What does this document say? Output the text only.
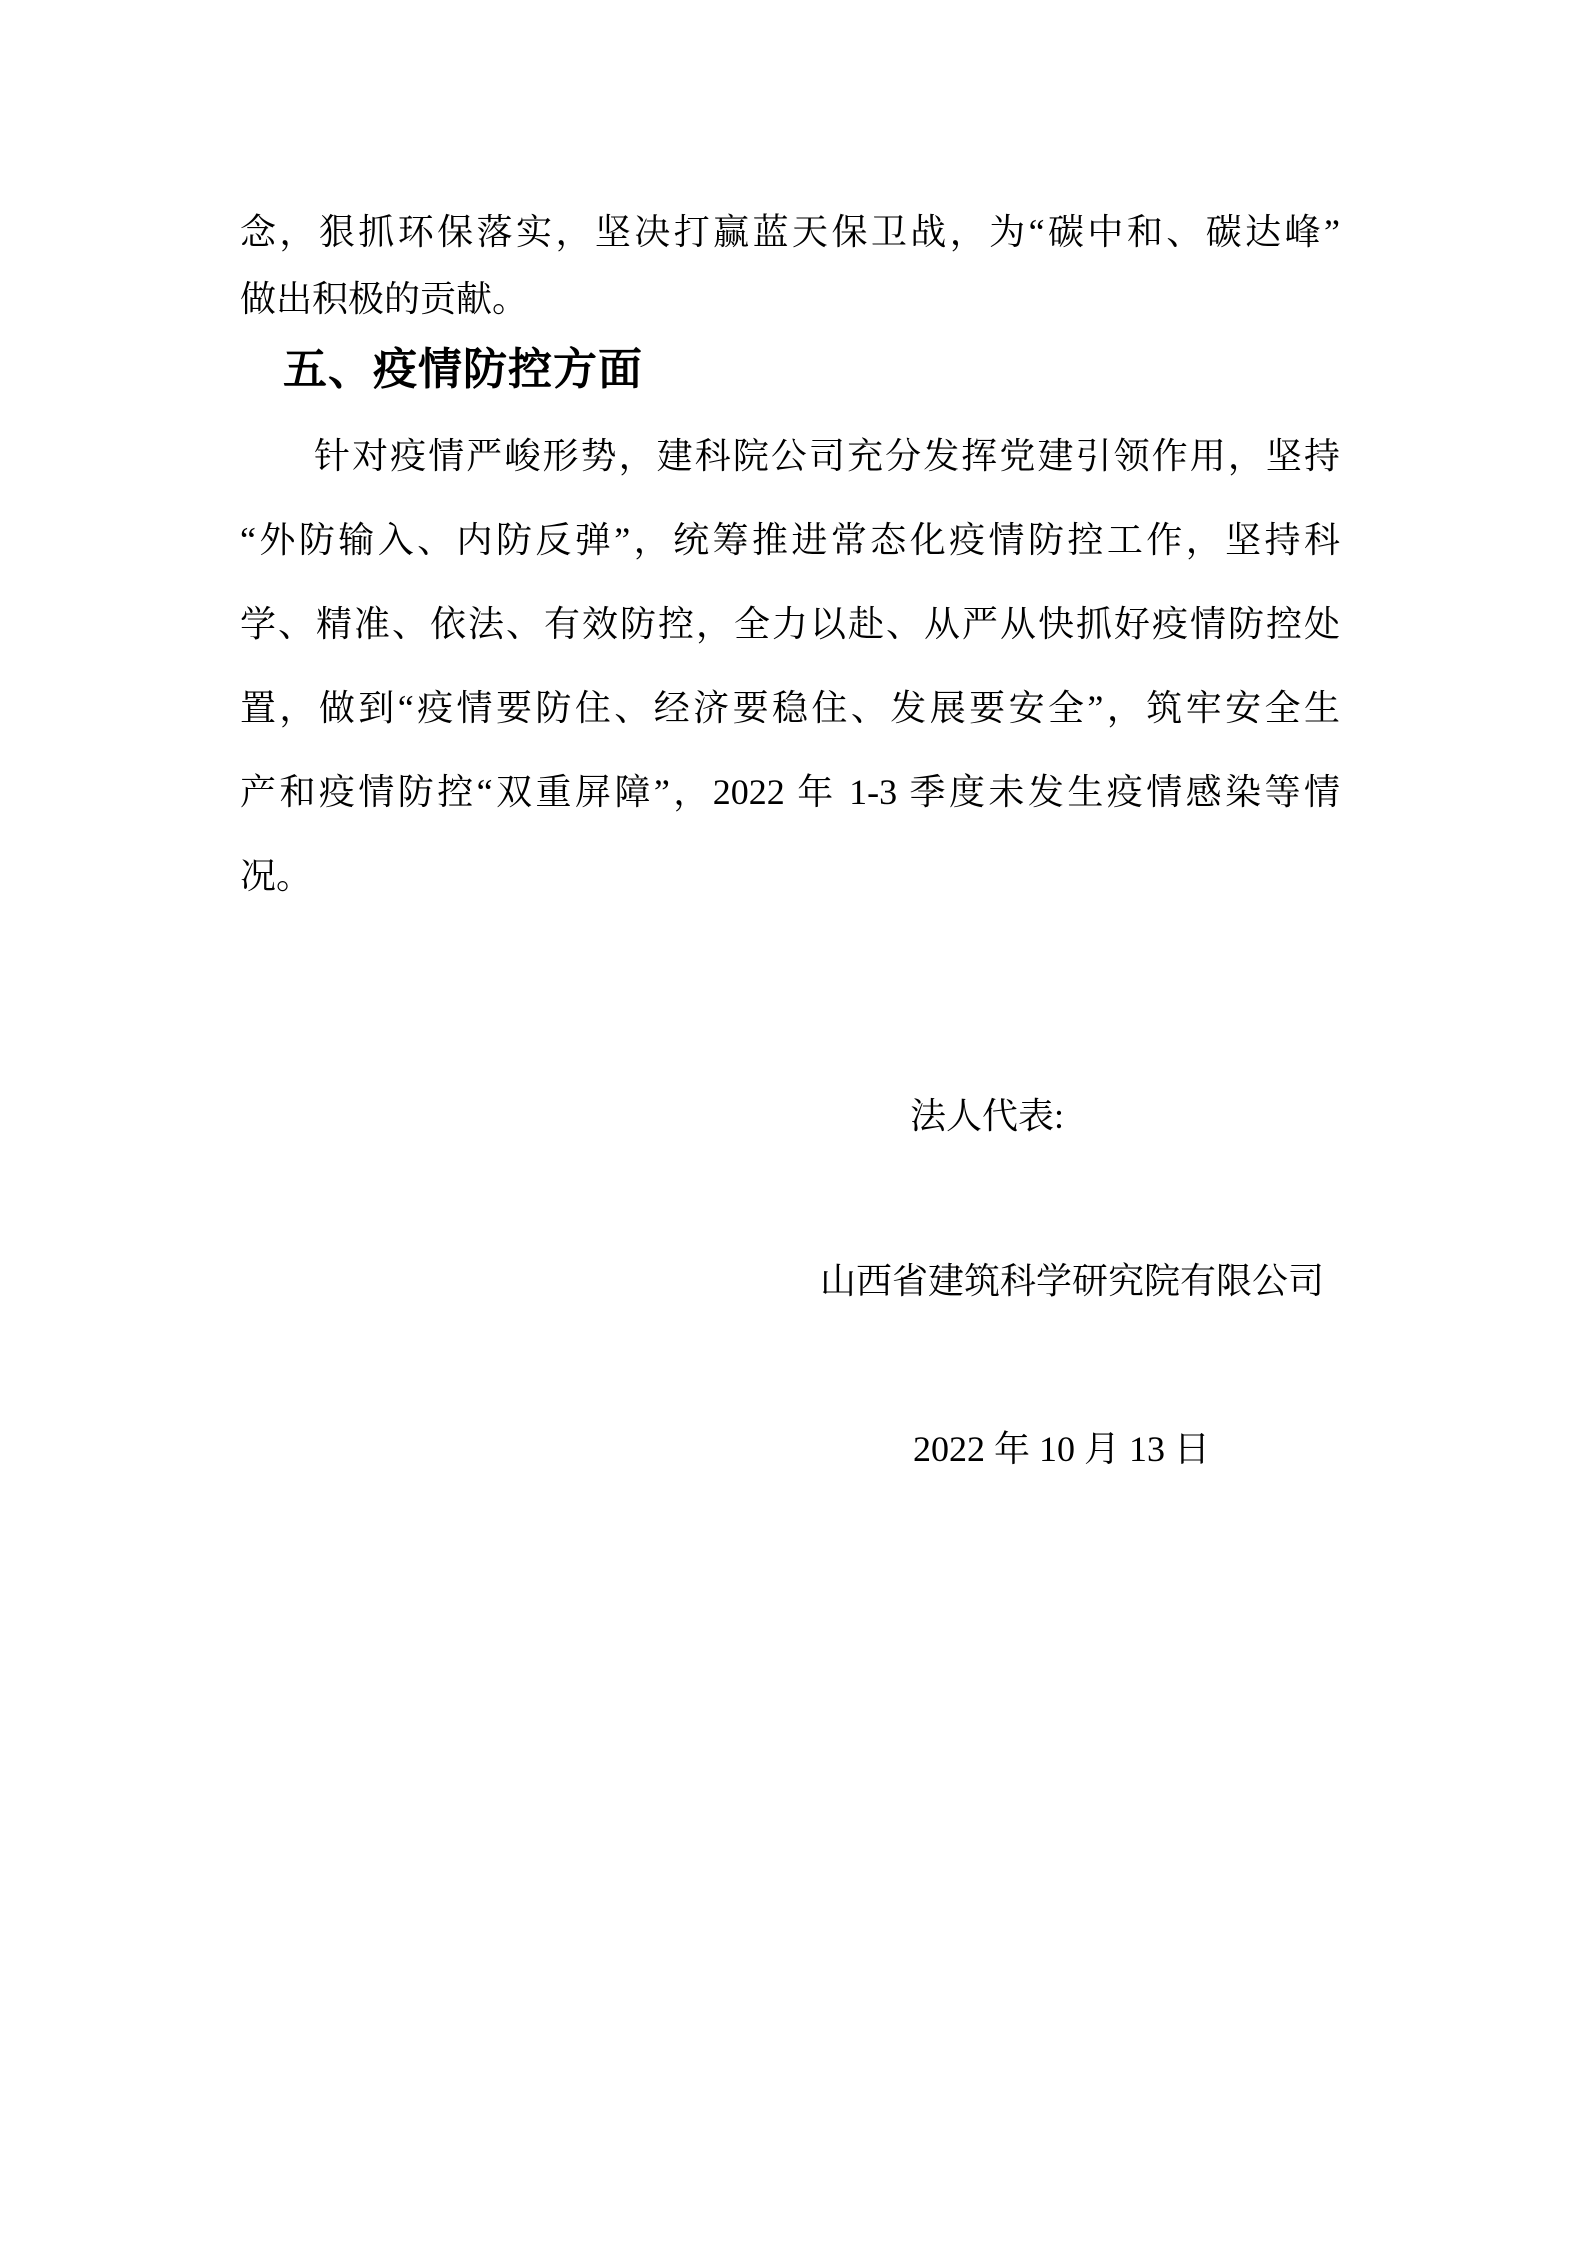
念，狠抓环保落实，坚决打赢蓝天保卫战，为“碳中和、碳达峰”
做出积极的贡献。
五、疫情防控方面
针对疫情严峻形势，建科院公司充分发挥党建引领作用，坚持
“外防输入、内防反弹”，统筹推进常态化疫情防控工作，坚持科
学、精准、依法、有效防控，全力以赴、从严从快抓好疫情防控处
置，做到“疫情要防住、经济要稳住、发展要安全”，筑牢安全生
产和疫情防控“双重屏障”，2022 年 1-3 季度未发生疫情感染等情
况。
法人代表:
山西省建筑科学研究院有限公司
2022 年 10 月 13 日
